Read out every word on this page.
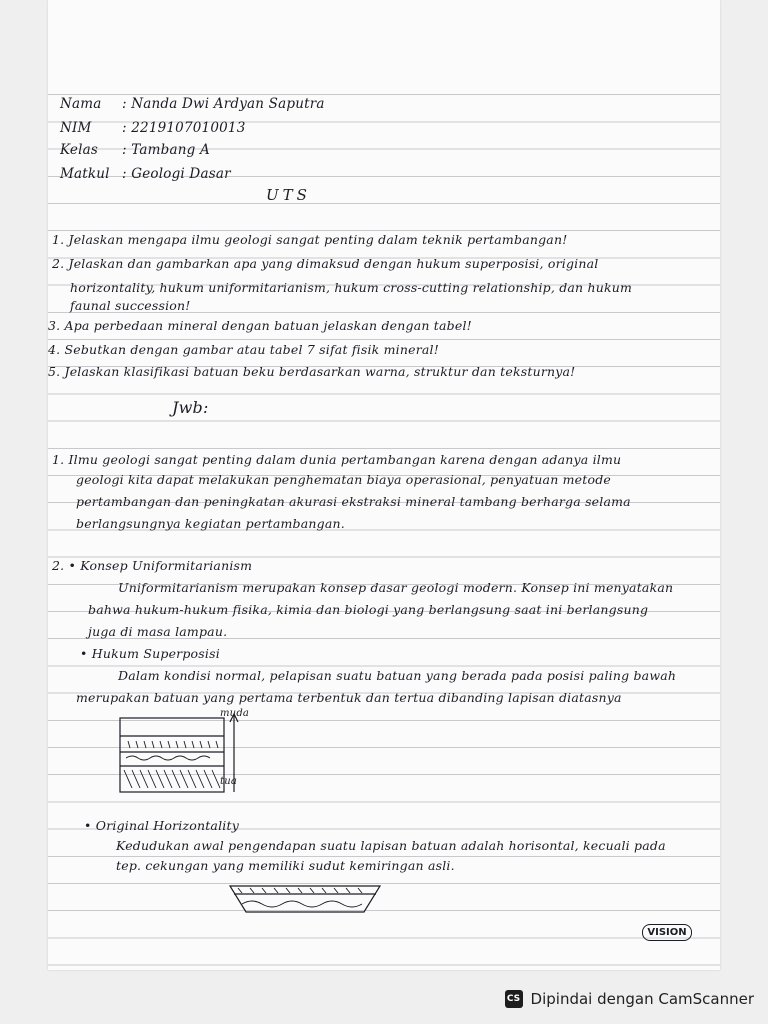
Nama : Nanda Dwi Ardyan Saputra
NIM : 2219107010013
Kelas : Tambang A
Matkul : Geologi Dasar
UTS
1. Jelaskan mengapa ilmu geologi sangat penting dalam teknik pertambangan!
2. Jelaskan dan gambarkan apa yang dimaksud dengan hukum superposisi, original
horizontality, hukum uniformitarianism, hukum cross-cutting relationship, dan hukum
faunal succession!
3. Apa perbedaan mineral dengan batuan jelaskan dengan tabel!
4. Sebutkan dengan gambar atau tabel 7 sifat fisik mineral!
5. Jelaskan klasifikasi batuan beku berdasarkan warna, struktur dan teksturnya!
Jwb:
1. Ilmu geologi sangat penting dalam dunia pertambangan karena dengan adanya ilmu
geologi kita dapat melakukan penghematan biaya operasional, penyatuan metode
pertambangan dan peningkatan akurasi ekstraksi mineral tambang berharga selama
berlangsungnya kegiatan pertambangan.
2. • Konsep Uniformitarianism
Uniformitarianism merupakan konsep dasar geologi modern. Konsep ini menyatakan
bahwa hukum-hukum fisika, kimia dan biologi yang berlangsung saat ini berlangsung
juga di masa lampau.
• Hukum Superposisi
Dalam kondisi normal, pelapisan suatu batuan yang berada pada posisi paling bawah
merupakan batuan yang pertama terbentuk dan tertua dibanding lapisan diatasnya
muda
tua
• Original Horizontality
Kedudukan awal pengendapan suatu lapisan batuan adalah horisontal, kecuali pada
tep. cekungan yang memiliki sudut kemiringan asli.
VISION
CS Dipindai dengan CamScanner
